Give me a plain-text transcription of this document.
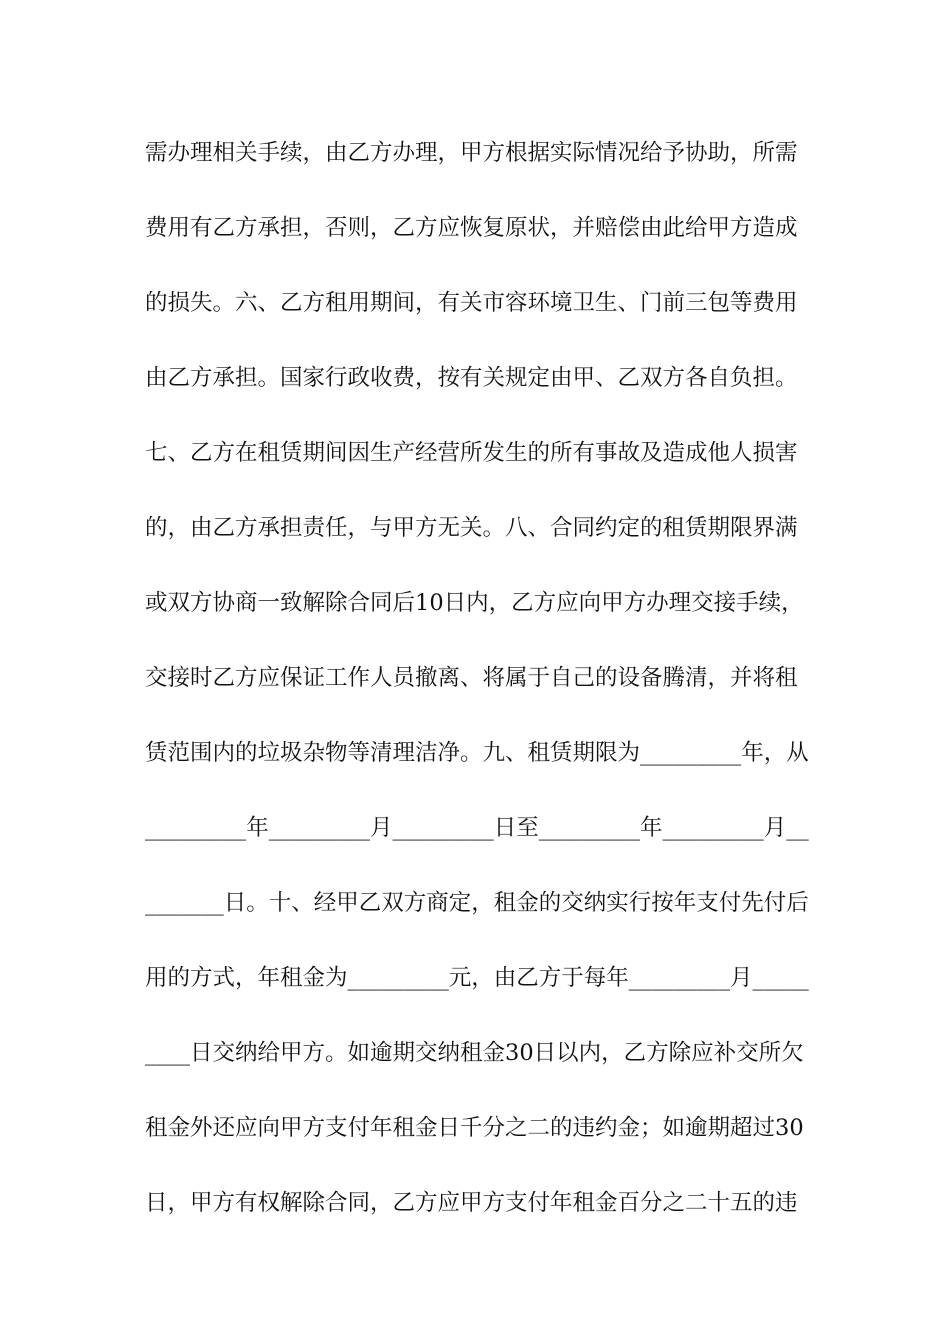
需办理相关手续，由乙方办理，甲方根据实际情况给予协助，所需
费用有乙方承担，否则，乙方应恢复原状，并赔偿由此给甲方造成
的损失。六、乙方租用期间，有关市容环境卫生、门前三包等费用
由乙方承担。国家行政收费，按有关规定由甲、乙双方各自负担。
七、乙方在租赁期间因生产经营所发生的所有事故及造成他人损害
的，由乙方承担责任，与甲方无关。八、合同约定的租赁期限界满
或双方协商一致解除合同后10日内，乙方应向甲方办理交接手续，
交接时乙方应保证工作人员撤离、将属于自己的设备腾清，并将租
赁范围内的垃圾杂物等清理洁净。九、租赁期限为_________年，从
_________年_________月_________日至_________年_________月__
_______日。十、经甲乙双方商定，租金的交纳实行按年支付先付后
用的方式，年租金为_________元，由乙方于每年_________月_____
____日交纳给甲方。如逾期交纳租金30日以内，乙方除应补交所欠
租金外还应向甲方支付年租金日千分之二的违约金；如逾期超过30
日，甲方有权解除合同，乙方应甲方支付年租金百分之二十五的违
